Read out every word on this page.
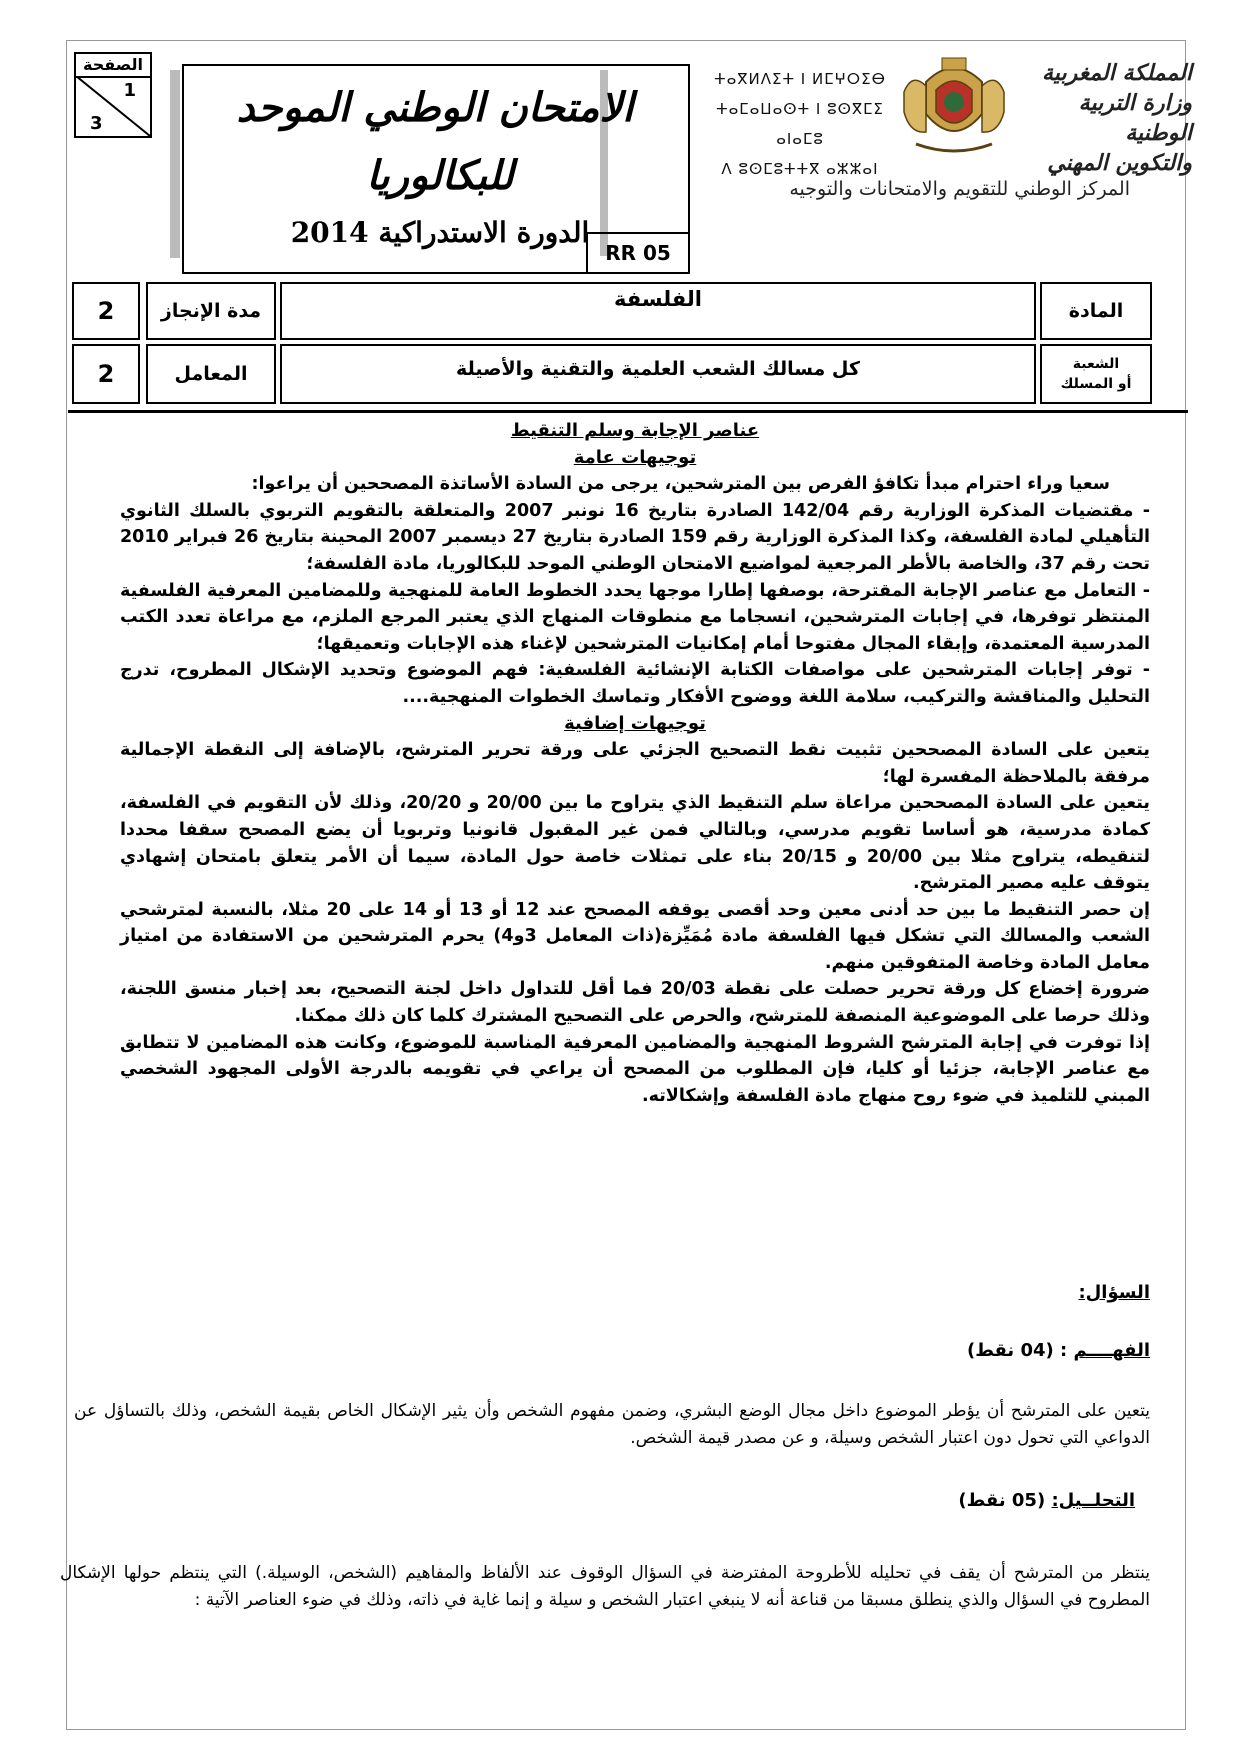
الصفحة
1
3	الامتحان الوطني الموحد
للبكالوريا
الدورة الاستدراكية 2014
RR 05
ⵜⴰⴳⵍⴷⵉⵜ ⵏ ⵍⵎⵖⵔⵉⴱ
ⵜⴰⵎⴰⵡⴰⵙⵜ ⵏ ⵓⵙⴳⵎⵉ ⴰⵏⴰⵎⵓ
ⴷ ⵓⵙⵎⵓⵜⵜⴳ ⴰⵣⵣⴰⵏ
المملكة المغربية
وزارة التربية الوطنية
والتكوين المهني
المركز الوطني للتقويم والامتحانات والتوجيه
2	مدة الإنجاز	الفلسفة	المادة
2	المعامل	كل مسالك الشعب العلمية والتقنية والأصيلة	الشعبة
أو المسلك
عناصر الإجابة وسلم التنقيط
توجيهات عامة

سعيا وراء احترام مبدأ تكافؤ الفرص بين المترشحين، يرجى من السادة الأساتذة المصححين أن يراعوا:

- مقتضيات المذكرة الوزارية رقم 142/04 الصادرة بتاريخ 16 نونبر 2007 والمتعلقة بالتقويم التربوي بالسلك الثانوي التأهيلي لمادة الفلسفة، وكذا المذكرة الوزارية رقم 159 الصادرة بتاريخ 27 ديسمبر 2007 المحينة بتاريخ 26 فبراير 2010 تحت رقم 37، والخاصة بالأطر المرجعية لمواضيع الامتحان الوطني الموحد للبكالوريا، مادة الفلسفة؛

- التعامل مع عناصر الإجابة المقترحة، بوصفها إطارا موجها يحدد الخطوط العامة للمنهجية وللمضامين المعرفية الفلسفية المنتظر توفرها، في إجابات المترشحين، انسجاما مع منطوقات المنهاج الذي يعتبر المرجع الملزم، مع مراعاة تعدد الكتب المدرسية المعتمدة، وإبقاء المجال مفتوحا أمام إمكانيات المترشحين لإغناء هذه الإجابات وتعميقها؛

- توفر إجابات المترشحين على مواصفات الكتابة الإنشائية الفلسفية: فهم الموضوع وتحديد الإشكال المطروح، تدرج التحليل والمناقشة والتركيب، سلامة اللغة ووضوح الأفكار وتماسك الخطوات المنهجية....

توجيهات إضافية

يتعين على السادة المصححين تثبيت نقط التصحيح الجزئي على ورقة تحرير المترشح، بالإضافة إلى النقطة الإجمالية مرفقة بالملاحظة المفسرة لها؛

يتعين على السادة المصححين مراعاة سلم التنقيط الذي يتراوح ما بين 20/00 و 20/20، وذلك لأن التقويم في الفلسفة، كمادة مدرسية، هو أساسا تقويم مدرسي، وبالتالي فمن غير المقبول قانونيا وتربويا أن يضع المصحح سقفا محددا لتنقيطه، يتراوح مثلا بين 20/00 و 20/15 بناء على تمثلات خاصة حول المادة، سيما أن الأمر يتعلق بامتحان إشهادي يتوقف عليه مصير المترشح.

إن حصر التنقيط ما بين حد أدنى معين وحد أقصى يوقفه المصحح عند 12 أو 13 أو 14 على 20 مثلا، بالنسبة لمترشحي الشعب والمسالك التي تشكل فيها الفلسفة مادة مُمَيِّزة(ذات المعامل 3و4) يحرم المترشحين من الاستفادة من امتياز معامل المادة وخاصة المتفوقين منهم.

ضرورة إخضاع كل ورقة تحرير حصلت على نقطة 20/03 فما أقل للتداول داخل لجنة التصحيح، بعد إخبار منسق اللجنة، وذلك حرصا على الموضوعية المنصفة للمترشح، والحرص على التصحيح المشترك كلما كان ذلك ممكنا.

إذا توفرت في إجابة المترشح الشروط المنهجية والمضامين المعرفية المناسبة للموضوع، وكانت هذه المضامين لا تتطابق مع عناصر الإجابة، جزئيا أو كليا، فإن المطلوب من المصحح أن يراعي في تقويمه بالدرجة الأولى المجهود الشخصي المبني للتلميذ في ضوء روح منهاج مادة الفلسفة وإشكالاته.

السؤال:
الفهــــم : (04 نقط)
يتعين على المترشح أن يؤطر الموضوع داخل مجال الوضع البشري، وضمن مفهوم الشخص وأن يثير الإشكال الخاص بقيمة الشخص، وذلك بالتساؤل عن الدواعي التي تحول دون اعتبار الشخص وسيلة، و عن مصدر قيمة الشخص.
التحلــيل: (05 نقط)
ينتظر من المترشح أن يقف في تحليله للأطروحة المفترضة في السؤال الوقوف عند الألفاظ والمفاهيم (الشخص، الوسيلة.) التي ينتظم حولها الإشكال المطروح في السؤال والذي ينطلق مسبقا من قناعة أنه لا ينبغي اعتبار الشخص و سيلة و إنما غاية في ذاته، وذلك في ضوء العناصر الآتية :
